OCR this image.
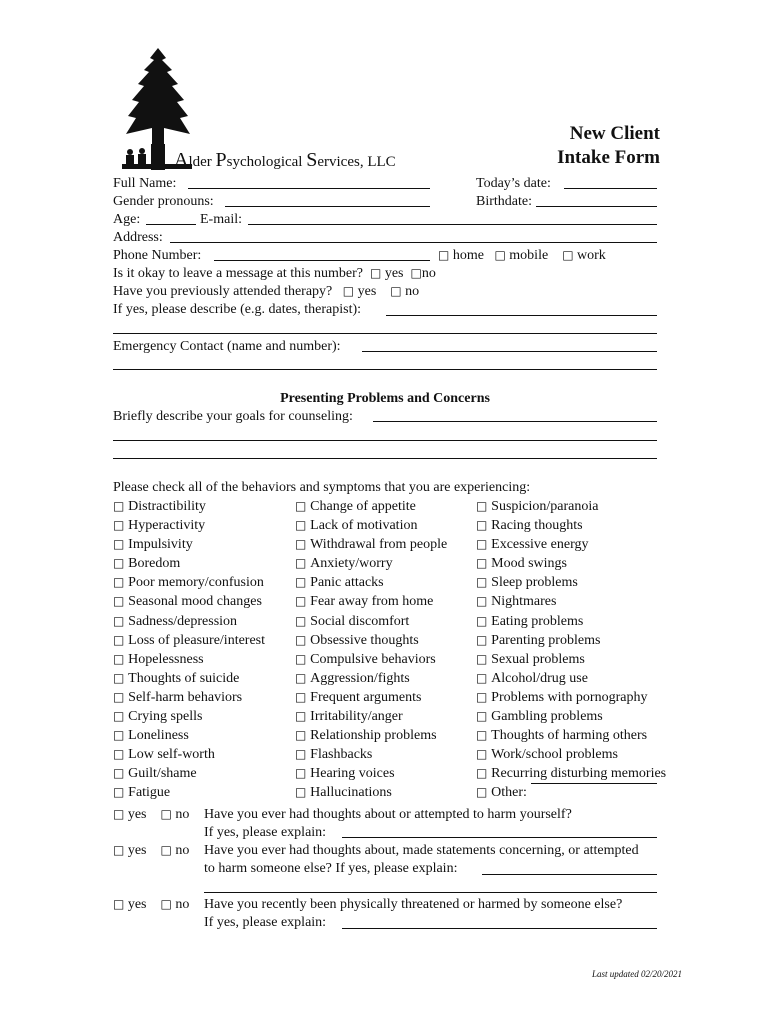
Alder Psychological Services, LLC
New Client
Intake Form
Full Name:	Today’s date:
Gender pronouns:	Birthdate:
Age:	E-mail:
Address:
Phone Number:	□ home □ mobile □ work
Is it okay to leave a message at this number? □ yes □no
Have you previously attended therapy? □ yes □ no
If yes, please describe (e.g. dates, therapist):
Emergency Contact (name and number):
Presenting Problems and Concerns
Briefly describe your goals for counseling:
Please check all of the behaviors and symptoms that you are experiencing:
□ Distractibility
□ Hyperactivity
□ Impulsivity
□ Boredom
□ Poor memory/confusion
□ Seasonal mood changes
□ Sadness/depression
□ Loss of pleasure/interest
□ Hopelessness
□ Thoughts of suicide
□ Self-harm behaviors
□ Crying spells
□ Loneliness
□ Low self-worth
□ Guilt/shame
□ Fatigue
□ Change of appetite
□ Lack of motivation
□ Withdrawal from people
□ Anxiety/worry
□ Panic attacks
□ Fear away from home
□ Social discomfort
□ Obsessive thoughts
□ Compulsive behaviors
□ Aggression/fights
□ Frequent arguments
□ Irritability/anger
□ Relationship problems
□ Flashbacks
□ Hearing voices
□ Hallucinations
□ Suspicion/paranoia
□ Racing thoughts
□ Excessive energy
□ Mood swings
□ Sleep problems
□ Nightmares
□ Eating problems
□ Parenting problems
□ Sexual problems
□ Alcohol/drug use
□ Problems with pornography
□ Gambling problems
□ Thoughts of harming others
□ Work/school problems
□ Recurring disturbing memories
□ Other:
□ yes □ no Have you ever had thoughts about or attempted to harm yourself?
If yes, please explain:
□ yes □ no Have you ever had thoughts about, made statements concerning, or attempted
to harm someone else? If yes, please explain:
□ yes □ no Have you recently been physically threatened or harmed by someone else?
If yes, please explain:
Last updated 02/20/2021
